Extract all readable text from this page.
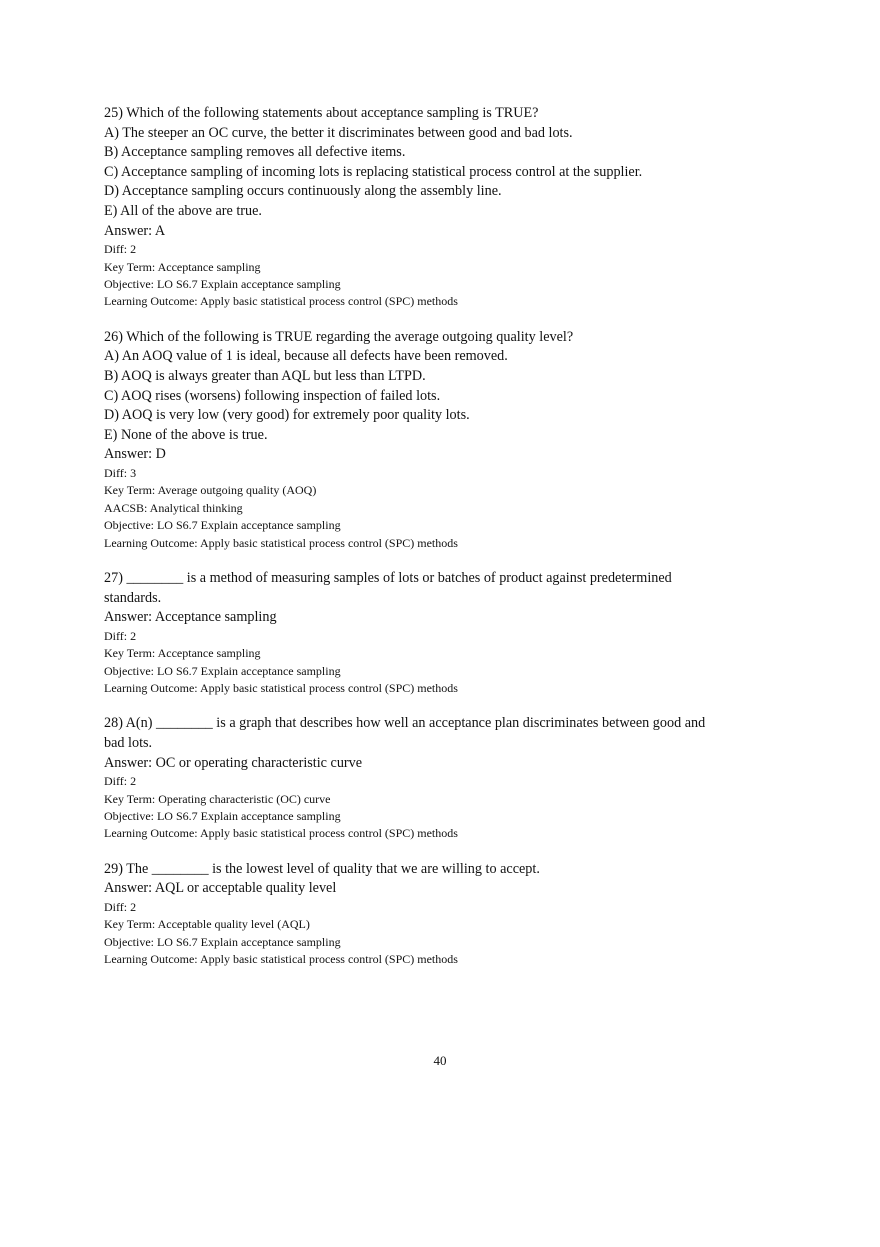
25) Which of the following statements about acceptance sampling is TRUE?

A) The steeper an OC curve, the better it discriminates between good and bad lots.

B) Acceptance sampling removes all defective items.

C) Acceptance sampling of incoming lots is replacing statistical process control at the supplier.

D) Acceptance sampling occurs continuously along the assembly line.

E) All of the above are true.

Answer: A

Diff: 2

Key Term: Acceptance sampling

Objective: LO S6.7 Explain acceptance sampling

Learning Outcome: Apply basic statistical process control (SPC) methods

26) Which of the following is TRUE regarding the average outgoing quality level?

A) An AOQ value of 1 is ideal, because all defects have been removed.

B) AOQ is always greater than AQL but less than LTPD.

C) AOQ rises (worsens) following inspection of failed lots.

D) AOQ is very low (very good) for extremely poor quality lots.

E) None of the above is true.

Answer: D

Diff: 3

Key Term: Average outgoing quality (AOQ)

AACSB: Analytical thinking

Objective: LO S6.7 Explain acceptance sampling

Learning Outcome: Apply basic statistical process control (SPC) methods

27) ________ is a method of measuring samples of lots or batches of product against predetermined standards.

Answer: Acceptance sampling

Diff: 2

Key Term: Acceptance sampling

Objective: LO S6.7 Explain acceptance sampling

Learning Outcome: Apply basic statistical process control (SPC) methods

28) A(n) ________ is a graph that describes how well an acceptance plan discriminates between good and bad lots.

Answer: OC or operating characteristic curve

Diff: 2

Key Term: Operating characteristic (OC) curve

Objective: LO S6.7 Explain acceptance sampling

Learning Outcome: Apply basic statistical process control (SPC) methods

29) The ________ is the lowest level of quality that we are willing to accept.

Answer: AQL or acceptable quality level

Diff: 2

Key Term: Acceptable quality level (AQL)

Objective: LO S6.7 Explain acceptance sampling

Learning Outcome: Apply basic statistical process control (SPC) methods

40
